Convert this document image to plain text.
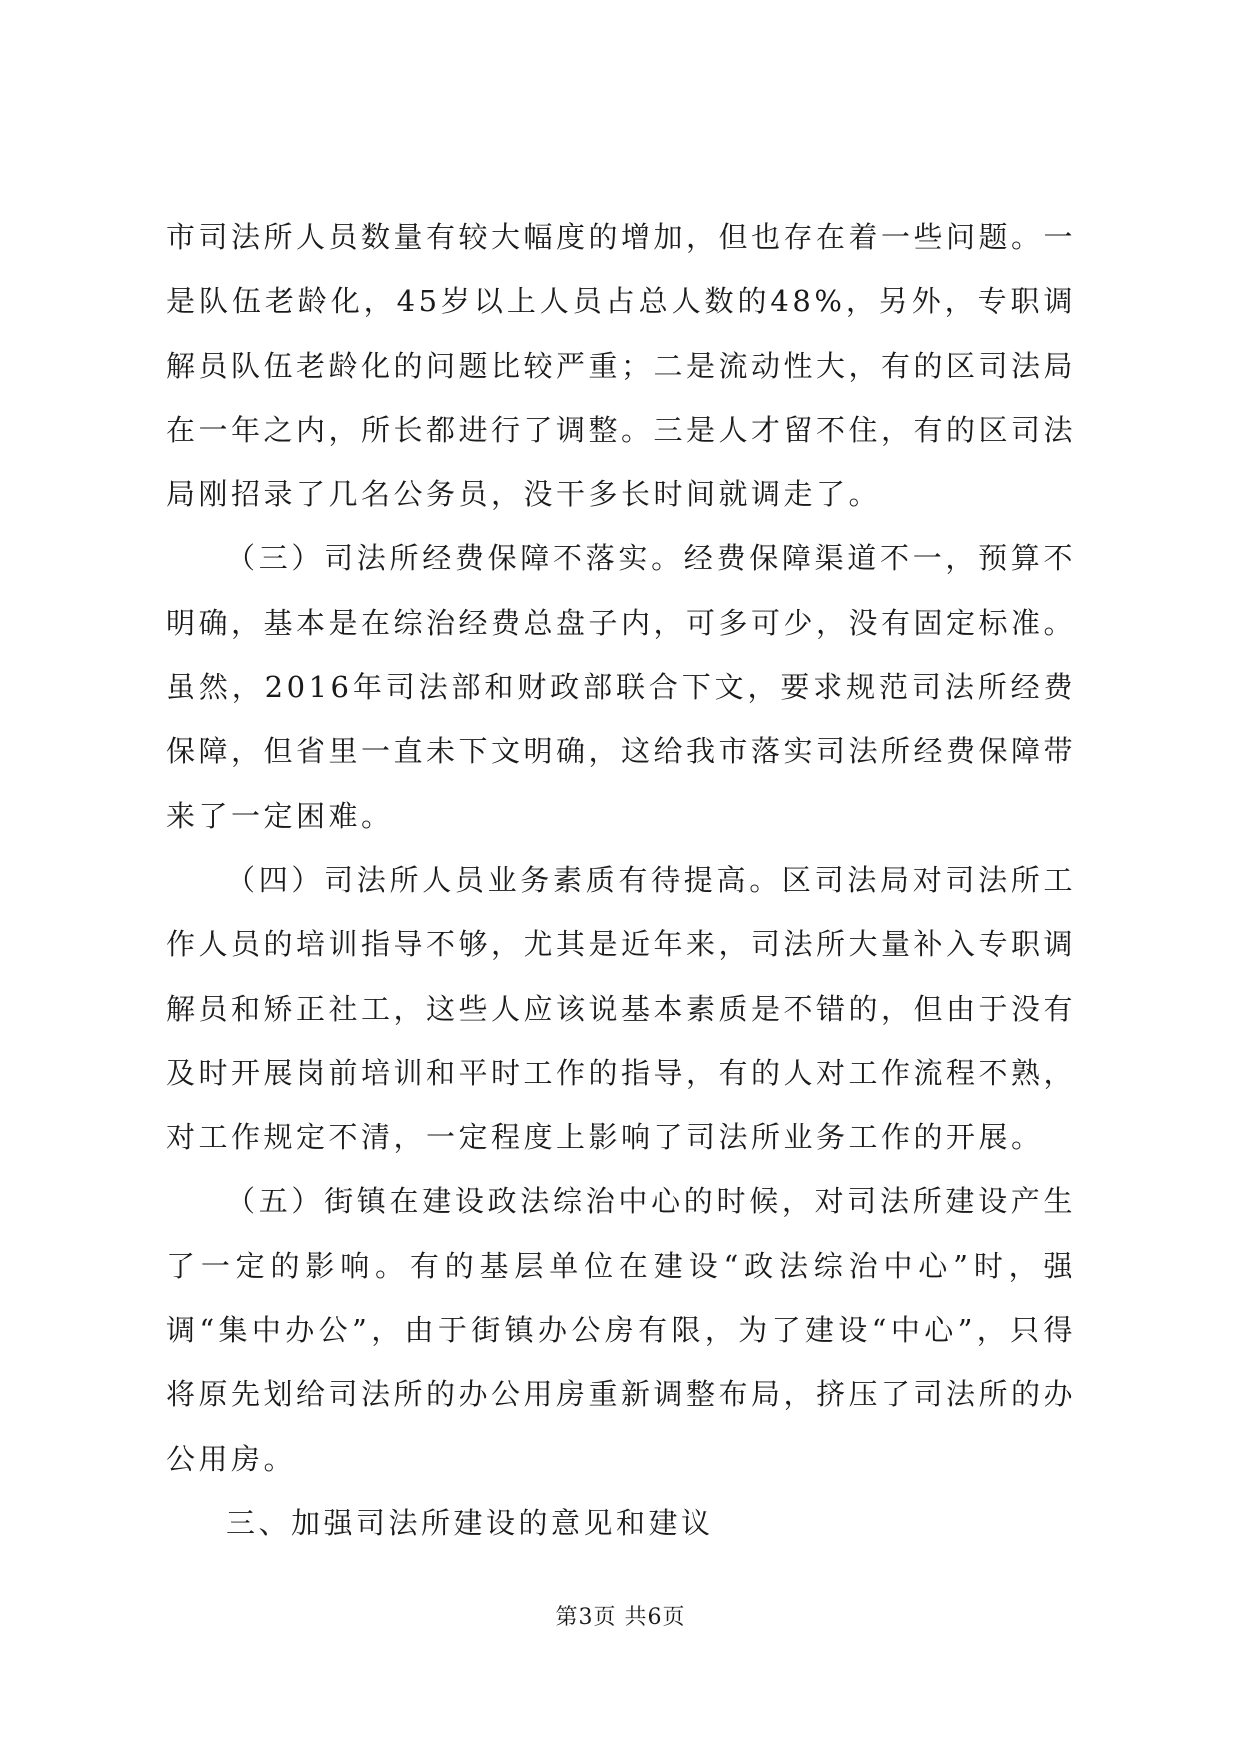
市司法所人员数量有较大幅度的增加，但也存在着一些问题。一是队伍老龄化，45岁以上人员占总人数的48%，另外，专职调解员队伍老龄化的问题比较严重；二是流动性大，有的区司法局在一年之内，所长都进行了调整。三是人才留不住，有的区司法局刚招录了几名公务员，没干多长时间就调走了。

（三）司法所经费保障不落实。经费保障渠道不一，预算不明确，基本是在综治经费总盘子内，可多可少，没有固定标准。虽然，2016年司法部和财政部联合下文，要求规范司法所经费保障，但省里一直未下文明确，这给我市落实司法所经费保障带来了一定困难。

（四）司法所人员业务素质有待提高。区司法局对司法所工作人员的培训指导不够，尤其是近年来，司法所大量补入专职调解员和矫正社工，这些人应该说基本素质是不错的，但由于没有及时开展岗前培训和平时工作的指导，有的人对工作流程不熟，对工作规定不清，一定程度上影响了司法所业务工作的开展。

（五）街镇在建设政法综治中心的时候，对司法所建设产生了一定的影响。有的基层单位在建设“政法综治中心”时，强调“集中办公”，由于街镇办公房有限，为了建设“中心”，只得将原先划给司法所的办公用房重新调整布局，挤压了司法所的办公用房。

三、加强司法所建设的意见和建议

第3页 共6页
